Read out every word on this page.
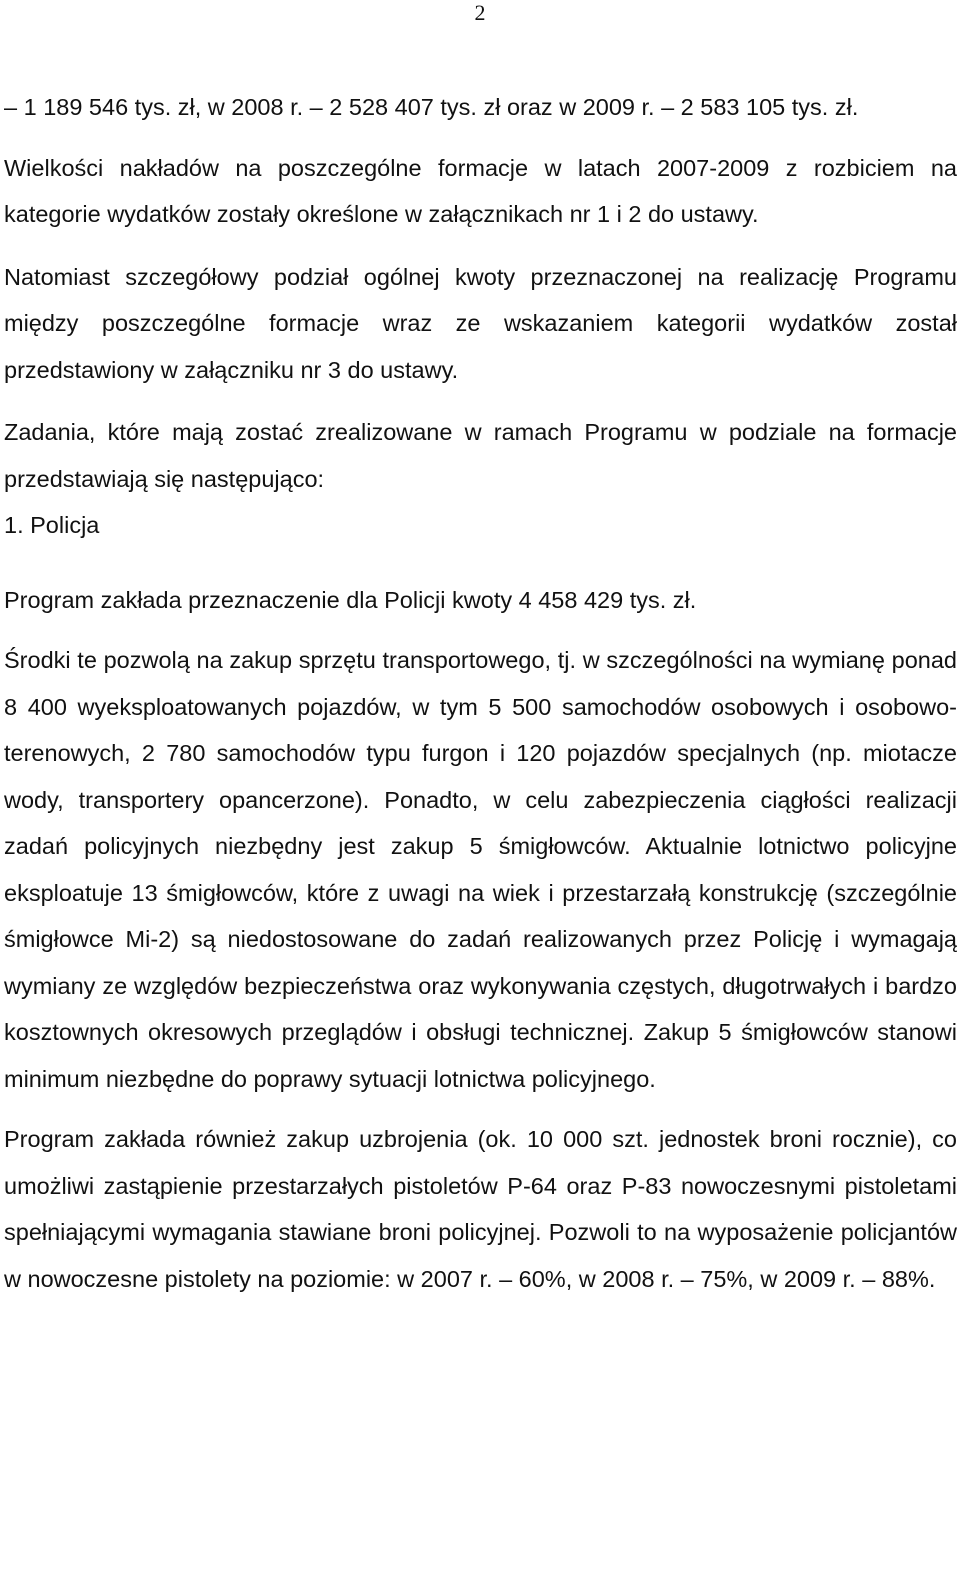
2

– 1 189 546 tys. zł, w 2008 r. – 2 528 407 tys. zł oraz w 2009 r. – 2 583 105 tys. zł.

Wielkości nakładów na poszczególne formacje w latach 2007-2009 z rozbiciem na kategorie wydatków zostały określone w załącznikach nr 1 i 2 do ustawy.

Natomiast szczegółowy podział ogólnej kwoty przeznaczonej na realizację Programu między poszczególne formacje wraz ze wskazaniem kategorii wydatków został przedstawiony w załączniku nr 3 do ustawy.

Zadania, które mają zostać zrealizowane w ramach Programu w podziale na formacje przedstawiają się następująco:

1. Policja

Program zakłada przeznaczenie dla Policji kwoty 4 458 429 tys. zł.

Środki te pozwolą na zakup sprzętu transportowego, tj. w szczególności na wymianę ponad 8 400 wyeksploatowanych pojazdów, w tym 5 500 samochodów osobowych i osobowo-terenowych, 2 780 samochodów typu furgon i 120 pojazdów specjalnych (np. miotacze wody, transportery opancerzone). Ponadto, w celu zabezpieczenia ciągłości realizacji zadań policyjnych niezbędny jest zakup 5 śmigłowców. Aktualnie lotnictwo policyjne eksploatuje 13 śmigłowców, które z uwagi na wiek i przestarzałą konstrukcję (szczególnie śmigłowce Mi-2) są niedostosowane do zadań realizowanych przez Policję i wymagają wymiany ze względów bezpieczeństwa oraz wykonywania częstych, długotrwałych i bardzo kosztownych okresowych przeglądów i obsługi technicznej. Zakup 5 śmigłowców stanowi minimum niezbędne do poprawy sytuacji lotnictwa policyjnego.

Program zakłada również zakup uzbrojenia (ok. 10 000 szt. jednostek broni rocznie), co umożliwi zastąpienie przestarzałych pistoletów P-64 oraz P-83 nowoczesnymi pistoletami spełniającymi wymagania stawiane broni policyjnej. Pozwoli to na wyposażenie policjantów w nowoczesne pistolety na poziomie: w 2007 r. – 60%, w 2008 r. – 75%, w 2009 r. – 88%.
